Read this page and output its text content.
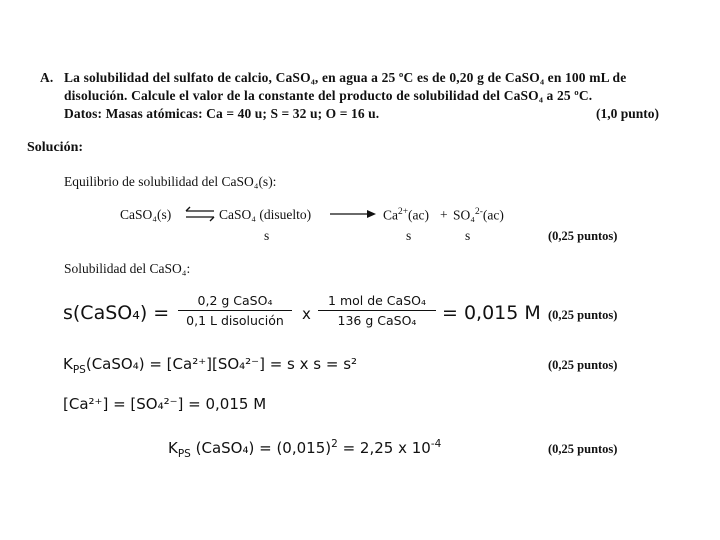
A. La solubilidad del sulfato de calcio, CaSO₄, en agua a 25 ºC es de 0,20 g de CaSO₄ en 100 mL de
disolución. Calcule el valor de la constante del producto de solubilidad del CaSO₄ a 25 ºC.
Datos: Masas atómicas: Ca = 40 u; S = 32 u; O = 16 u.	(1,0 punto)
Solución:
Equilibrio de solubilidad del CaSO₄(s):
CaSO₄(s) ⇌ CaSO₄ (disuelto) → $Ca^{2+}(ac) + SO_4^{2-}(ac)$
s	s	s	(0,25 puntos)
Solubilidad del CaSO₄:
s(CaSO₄) =
0,2 g CaSO₄
0,1 L disolución	x
1 mol de CaSO₄
136 g CaSO₄	= 0,015 M (0,25 puntos)
$K_{PS}(CaSO_4) = [Ca^{2+}][SO_4^{2-}] = s$ x s = s²	(0,25 puntos)
[Ca²⁺] = [SO₄²⁻] = 0,015 M
$K_{PS}$ (CaSO₄) = $(0,015)^2 = 2,25$ x $10^{-4}$	(0,25 puntos)
